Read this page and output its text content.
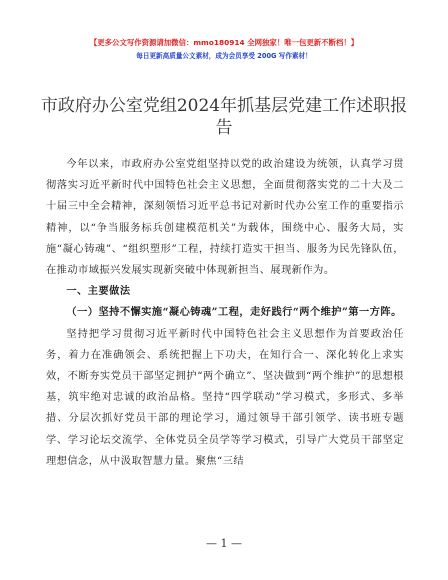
【更多公文写作资源请加微信：mmo180914 全网独家！唯一包更新不断档！】
每日更新高质量公文素材，成为会员享受 200G 写作素材！
市政府办公室党组2024年抓基层党建工作述职报告

今年以来，市政府办公室党组坚持以党的政治建设为统领，认真学习贯彻落实习近平新时代中国特色社会主义思想，全面贯彻落实党的二十大及二十届三中全会精神，深刻领悟习近平总书记对新时代办公室工作的重要指示精神，以“争当服务标兵创建模范机关”为载体，围绕中心、服务大局，实施“凝心铸魂”、“组织塑形”工程，持续打造实干担当、服务为民先锋队伍，在推动市域振兴发展实现新突破中体现新担当、展现新作为。

一、主要做法

（一）坚持不懈实施“凝心铸魂”工程，走好践行“两个维护”第一方阵。

坚持把学习贯彻习近平新时代中国特色社会主义思想作为首要政治任务，着力在准确领会、系统把握上下功夫，在知行合一、深化转化上求实效，不断夯实党员干部坚定拥护“两个确立”、坚决做到“两个维护”的思想根基，筑牢绝对忠诚的政治品格。坚持“四学联动”学习模式，多形式、多举措、分层次抓好党员干部的理论学习，通过领导干部引领学、读书班专题学、学习论坛交流学、全体党员全员学等学习模式，引导广大党员干部坚定理想信念，从中汲取智慧力量。聚焦“三结

— 1 —
